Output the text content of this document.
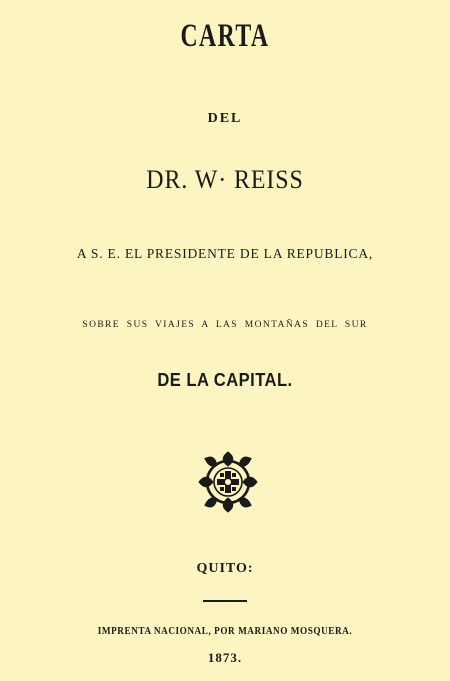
CARTA
DEL
DR. W· REISS
A S. E. EL PRESIDENTE DE LA REPUBLICA,
SOBRE SUS VIAJES A LAS MONTAÑAS DEL SUR
DE LA CAPITAL.
QUITO:
IMPRENTA NACIONAL, POR MARIANO MOSQUERA.
1873.
